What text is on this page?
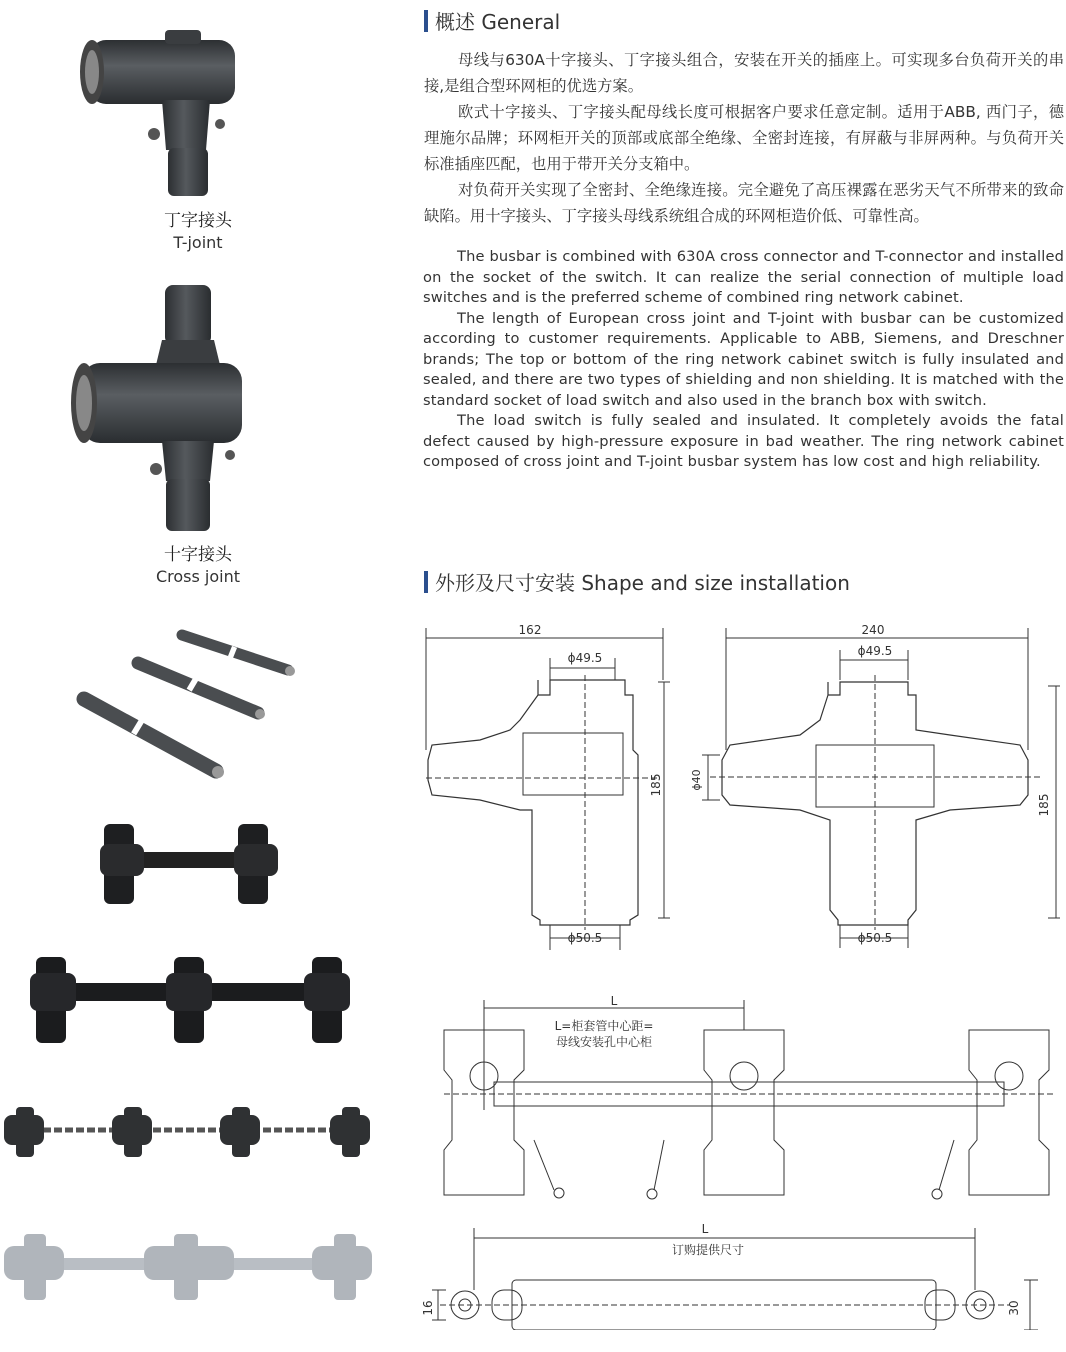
丁字接头
T-joint
十字接头
Cross joint
概述 General

母线与630A十字接头、丁字接头组合，安装在开关的插座上。可实现多台负荷开关的串接,是组合型环网柜的优选方案。

欧式十字接头、丁字接头配母线长度可根据客户要求任意定制。适用于ABB, 西门子，德理施尔品牌；环网柜开关的顶部或底部全绝缘、全密封连接，有屏蔽与非屏两种。与负荷开关标准插座匹配，也用于带开关分支箱中。

对负荷开关实现了全密封、全绝缘连接。完全避免了高压裸露在恶劣天气不所带来的致命缺陷。用十字接头、丁字接头母线系统组合成的环网柜造价低、可靠性高。

The busbar is combined with 630A cross connector and T-connector and installed on the socket of the switch. It can realize the serial connection of multiple load switches and is the preferred scheme of combined ring network cabinet.

The length of European cross joint and T-joint with busbar can be customized according to customer requirements. Applicable to ABB, Siemens, and Dreschner brands; The top or bottom of the ring network cabinet switch is fully insulated and sealed, and there are two types of shielding and non shielding. It is matched with the standard socket of load switch and also used in the branch box with switch.

The load switch is fully sealed and insulated. It completely avoids the fatal defect caused by high-pressure exposure in bad weather. The ring network cabinet composed of cross joint and T-joint busbar system has low cost and high reliability.

外形及尺寸安装 Shape and size installation
162
ϕ49.5
185
ϕ50.5
240
ϕ49.5
ϕ40
185
ϕ50.5
L
L=柜套管中心距=
母线安装孔中心柜
L
订购提供尺寸
16	30
